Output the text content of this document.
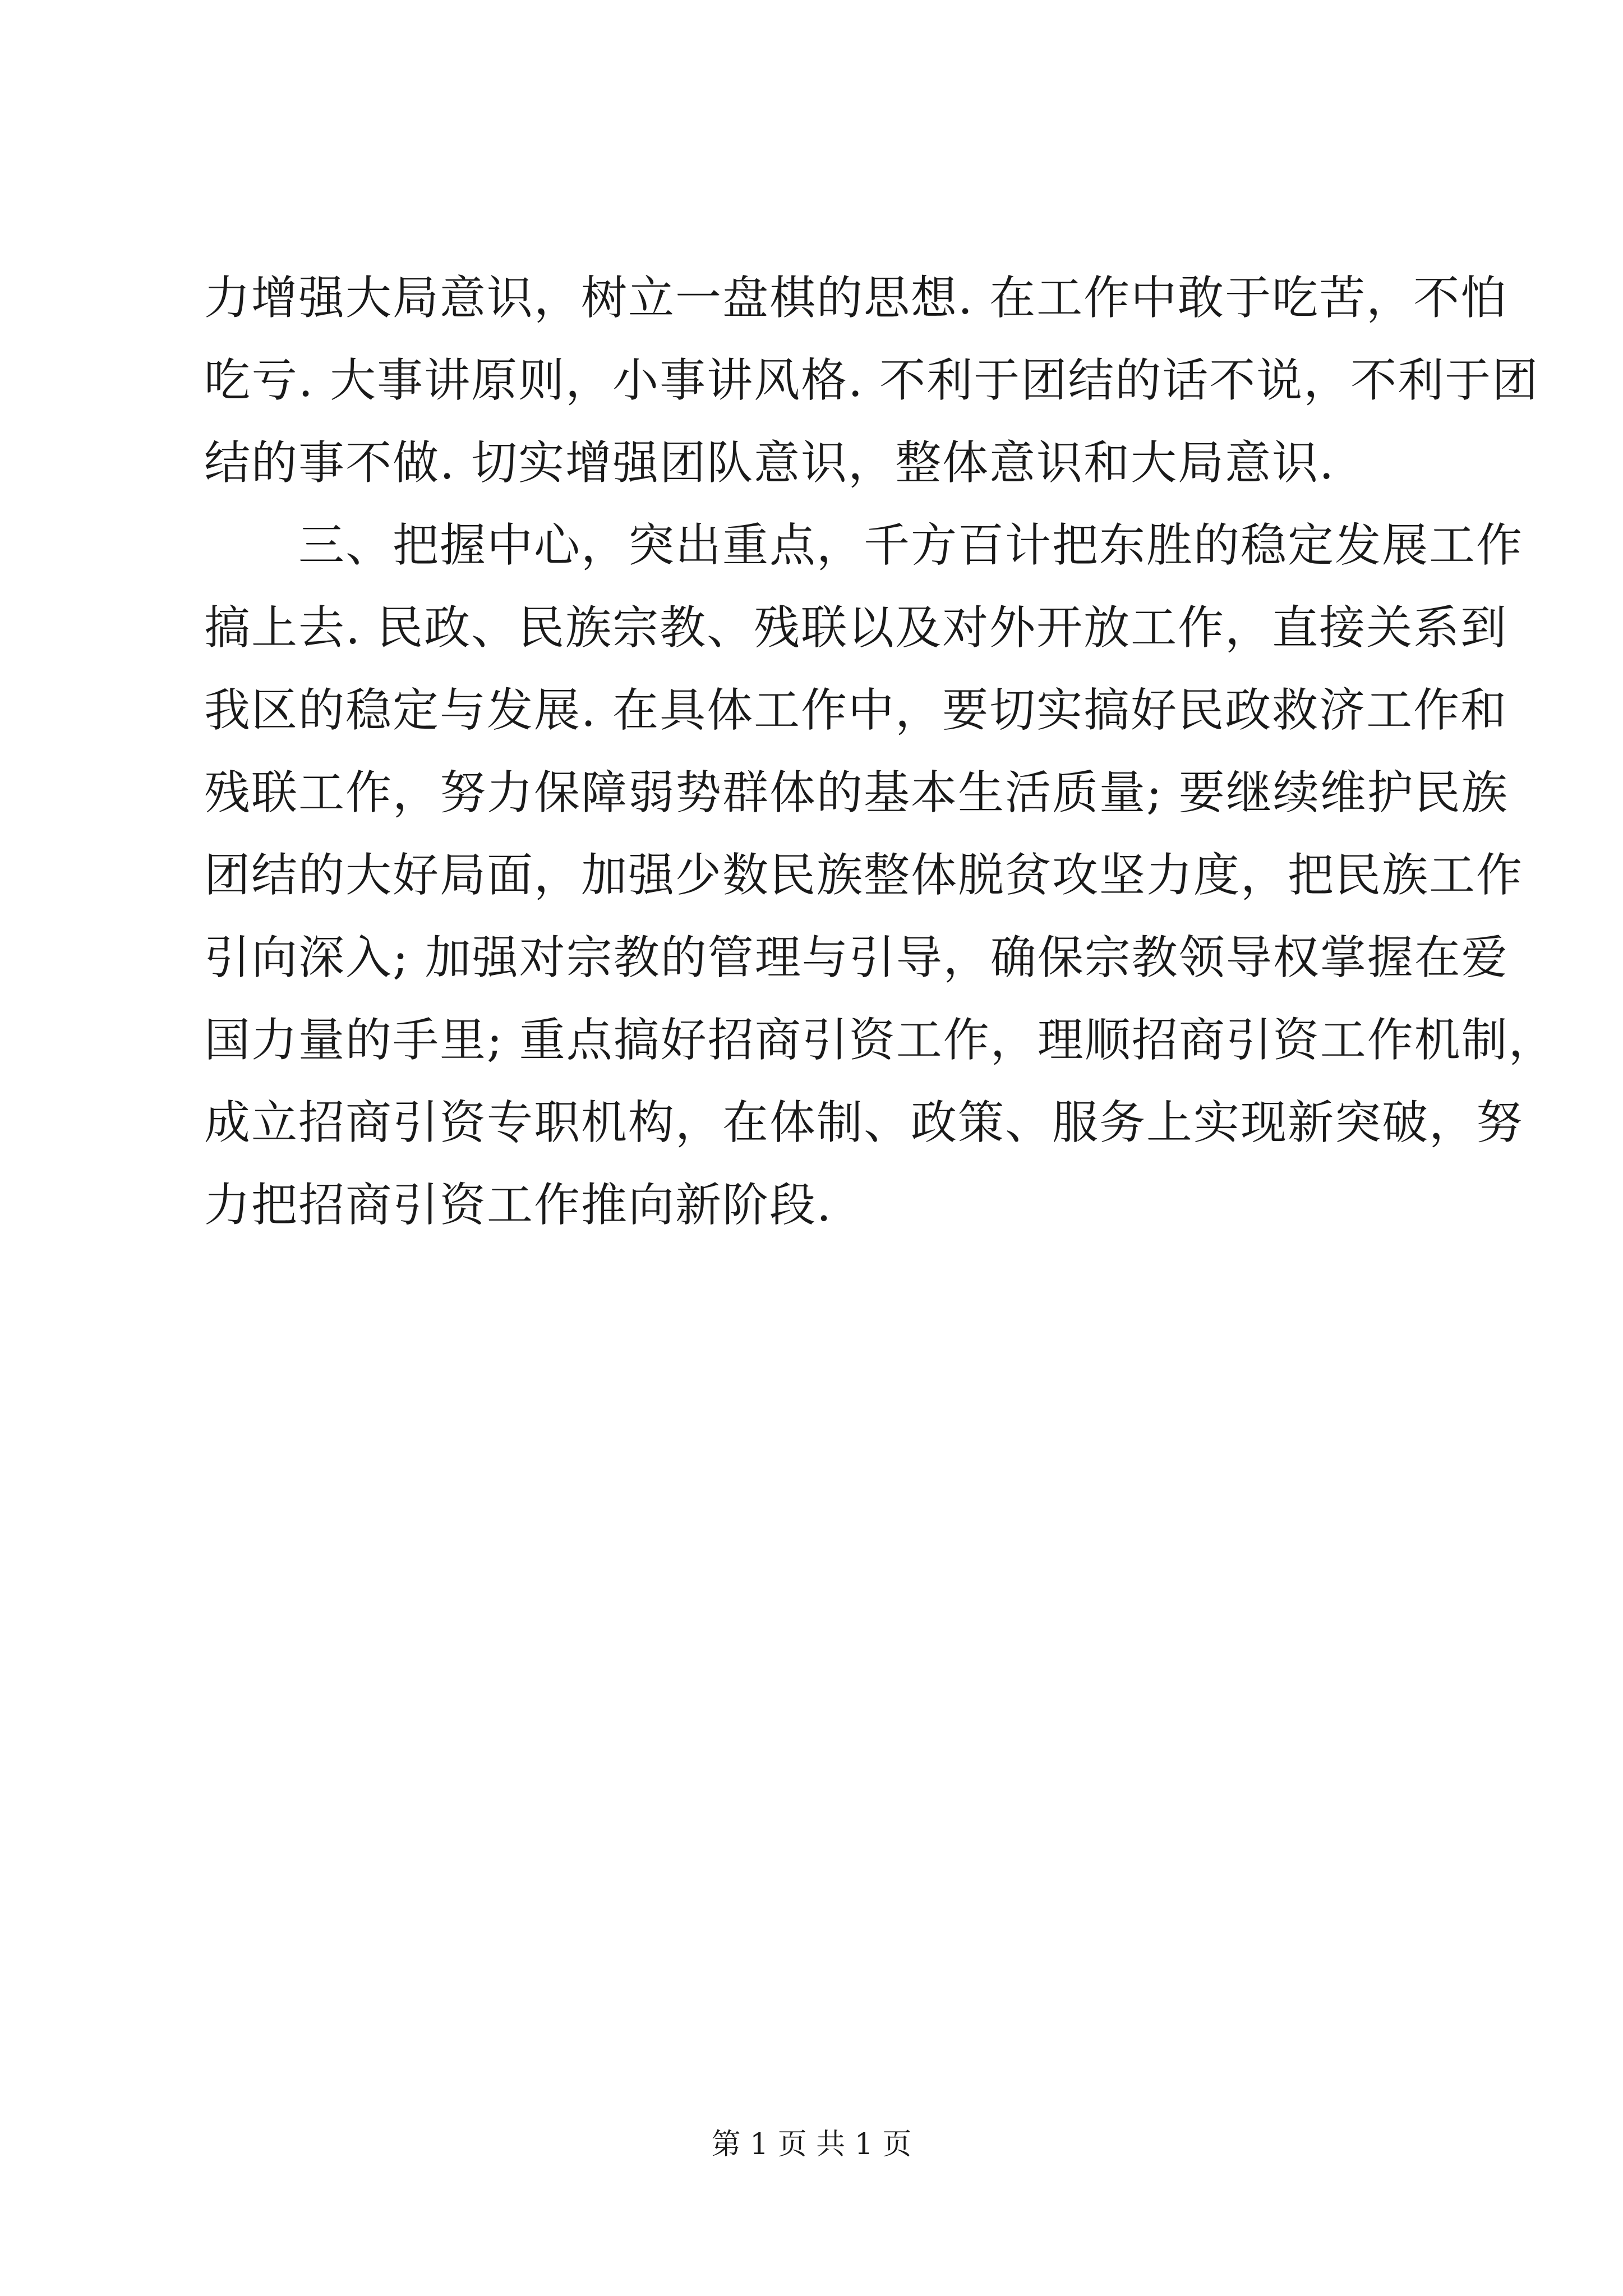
力增强大局意识，树立一盘棋的思想. 在工作中敢于吃苦，不怕
吃亏. 大事讲原则，小事讲风格. 不利于团结的话不说，不利于团
结的事不做. 切实增强团队意识，整体意识和大局意识.
　　三、把握中心，突出重点，千方百计把东胜的稳定发展工作
搞上去. 民政、民族宗教、残联以及对外开放工作，直接关系到
我区的稳定与发展. 在具体工作中，要切实搞好民政救济工作和
残联工作，努力保障弱势群体的基本生活质量; 要继续维护民族
团结的大好局面，加强少数民族整体脱贫攻坚力度，把民族工作
引向深入; 加强对宗教的管理与引导，确保宗教领导权掌握在爱
国力量的手里; 重点搞好招商引资工作，理顺招商引资工作机制，
成立招商引资专职机构，在体制、政策、服务上实现新突破，努
力把招商引资工作推向新阶段.
第 1 页 共 1 页
